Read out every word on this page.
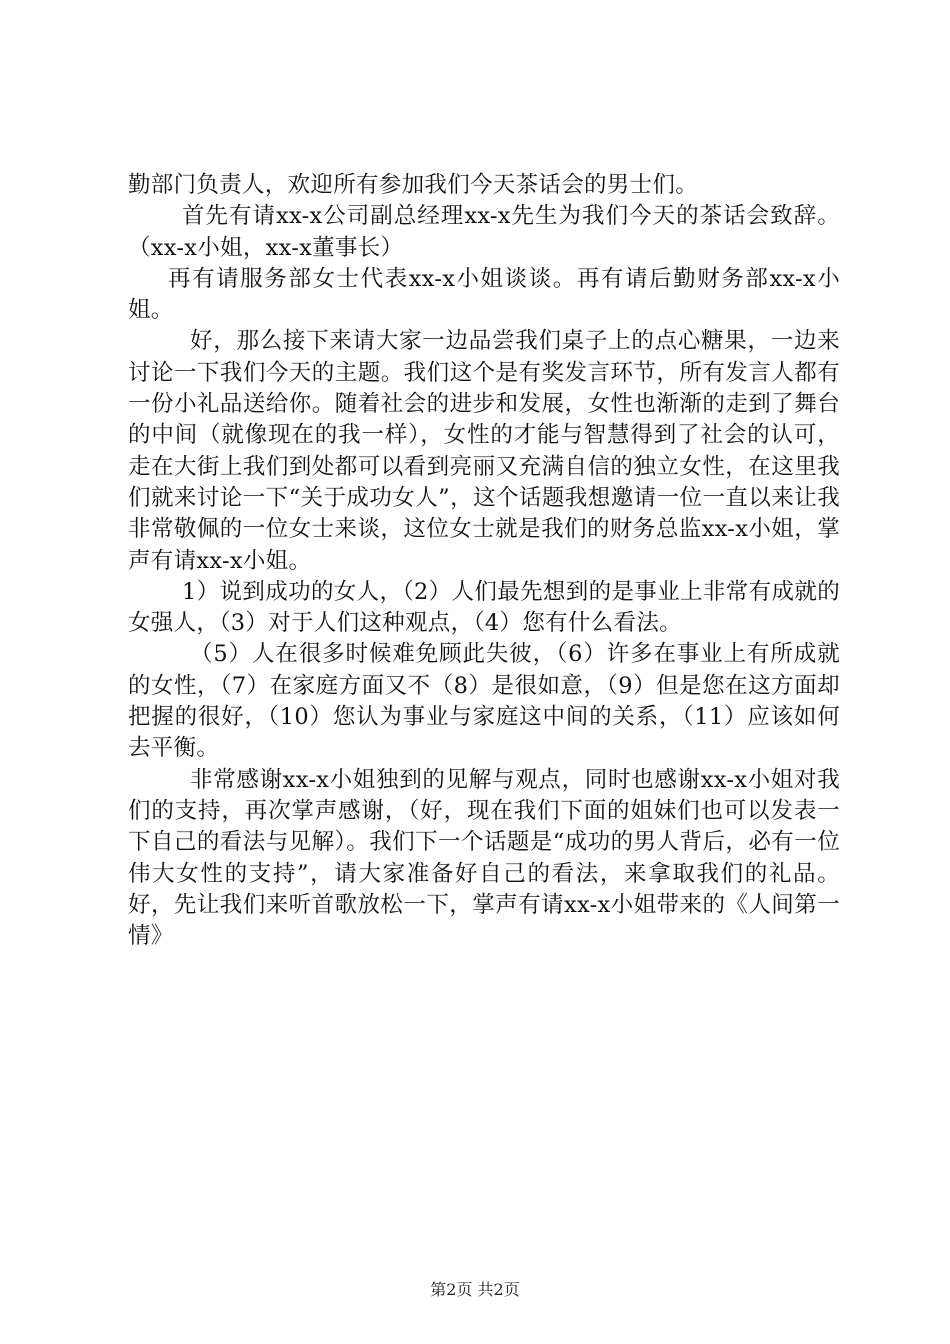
勤部门负责人，欢迎所有参加我们今天茶话会的男士们。

首先有请xx-x公司副总经理xx-x先生为我们今天的茶话会致辞。（xx-x小姐，xx-x董事长）

再有请服务部女士代表xx-x小姐谈谈。再有请后勤财务部xx-x小姐。

好，那么接下来请大家一边品尝我们桌子上的点心糖果，一边来讨论一下我们今天的主题。我们这个是有奖发言环节，所有发言人都有一份小礼品送给你。随着社会的进步和发展，女性也渐渐的走到了舞台的中间（就像现在的我一样），女性的才能与智慧得到了社会的认可，走在大街上我们到处都可以看到亮丽又充满自信的独立女性，在这里我们就来讨论一下“关于成功女人”，这个话题我想邀请一位一直以来让我非常敬佩的一位女士来谈，这位女士就是我们的财务总监xx-x小姐，掌声有请xx-x小姐。

1）说到成功的女人，（2）人们最先想到的是事业上非常有成就的女强人，（3）对于人们这种观点，（4）您有什么看法。

（5）人在很多时候难免顾此失彼，（6）许多在事业上有所成就的女性，（7）在家庭方面又不（8）是很如意，（9）但是您在这方面却把握的很好，（10）您认为事业与家庭这中间的关系，（11）应该如何去平衡。

非常感谢xx-x小姐独到的见解与观点，同时也感谢xx-x小姐对我们的支持，再次掌声感谢，（好，现在我们下面的姐妹们也可以发表一下自己的看法与见解）。我们下一个话题是“成功的男人背后，必有一位伟大女性的支持”，请大家准备好自己的看法，来拿取我们的礼品。好，先让我们来听首歌放松一下，掌声有请xx-x小姐带来的《人间第一情》

第2页 共2页
